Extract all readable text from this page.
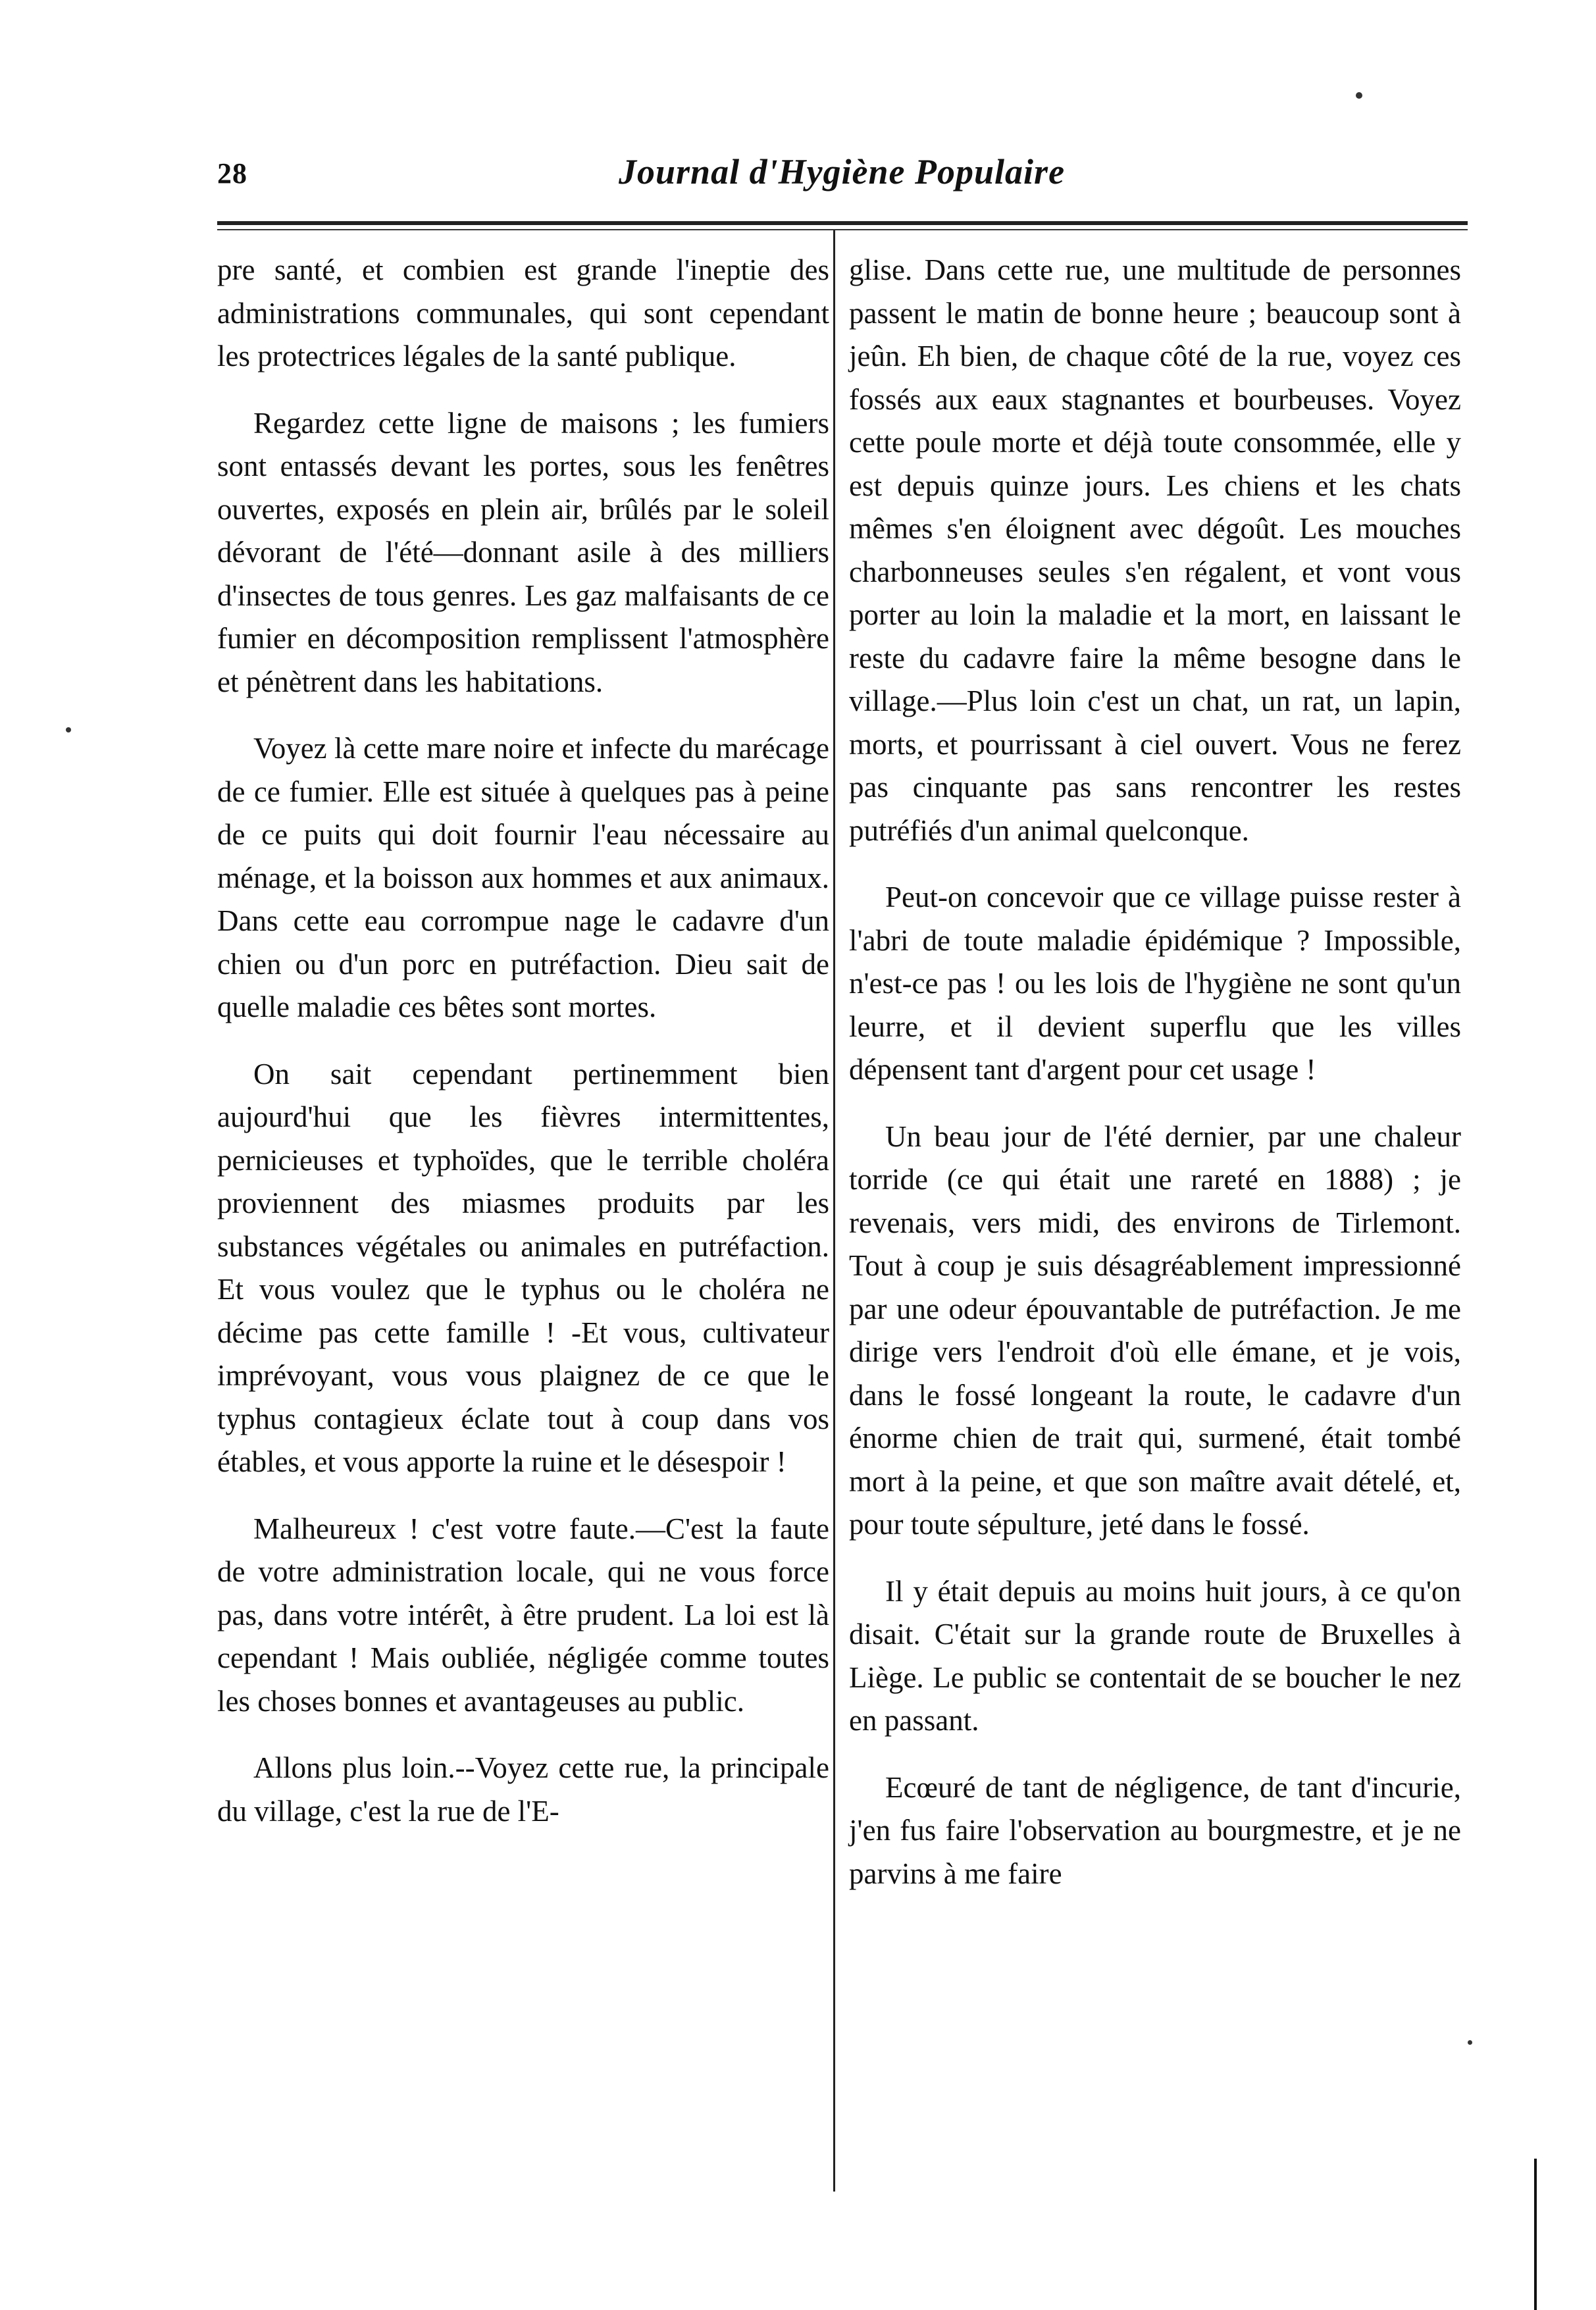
28	Journal d'Hygiène Populaire

pre santé, et combien est grande l'ineptie des administrations communales, qui sont cependant les protectrices légales de la santé publique.

Regardez cette ligne de maisons ; les fumiers sont entassés devant les portes, sous les fenêtres ouvertes, exposés en plein air, brûlés par le soleil dévorant de l'été—donnant asile à des milliers d'insectes de tous genres. Les gaz malfaisants de ce fumier en décomposition remplissent l'atmosphère et pénètrent dans les habitations.

Voyez là cette mare noire et infecte du marécage de ce fumier. Elle est située à quelques pas à peine de ce puits qui doit fournir l'eau nécessaire au ménage, et la boisson aux hommes et aux animaux. Dans cette eau corrompue nage le cadavre d'un chien ou d'un porc en putréfaction. Dieu sait de quelle maladie ces bêtes sont mortes.

On sait cependant pertinemment bien aujourd'hui que les fièvres intermittentes, pernicieuses et typhoïdes, que le terrible choléra proviennent des miasmes produits par les substances végétales ou animales en putréfaction. Et vous voulez que le typhus ou le choléra ne décime pas cette famille ! -Et vous, cultivateur imprévoyant, vous vous plaignez de ce que le typhus contagieux éclate tout à coup dans vos étables, et vous apporte la ruine et le désespoir !

Malheureux ! c'est votre faute.—C'est la faute de votre administration locale, qui ne vous force pas, dans votre intérêt, à être prudent. La loi est là cependant ! Mais oubliée, négligée comme toutes les choses bonnes et avantageuses au public.

Allons plus loin.--Voyez cette rue, la principale du village, c'est la rue de l'E-

glise. Dans cette rue, une multitude de personnes passent le matin de bonne heure ; beaucoup sont à jeûn. Eh bien, de chaque côté de la rue, voyez ces fossés aux eaux stagnantes et bourbeuses. Voyez cette poule morte et déjà toute consommée, elle y est depuis quinze jours. Les chiens et les chats mêmes s'en éloignent avec dégoût. Les mouches charbonneuses seules s'en régalent, et vont vous porter au loin la maladie et la mort, en laissant le reste du cadavre faire la même besogne dans le village.—Plus loin c'est un chat, un rat, un lapin, morts, et pourrissant à ciel ouvert. Vous ne ferez pas cinquante pas sans rencontrer les restes putréfiés d'un animal quelconque.

Peut-on concevoir que ce village puisse rester à l'abri de toute maladie épidémique ? Impossible, n'est-ce pas ! ou les lois de l'hygiène ne sont qu'un leurre, et il devient superflu que les villes dépensent tant d'argent pour cet usage !

Un beau jour de l'été dernier, par une chaleur torride (ce qui était une rareté en 1888) ; je revenais, vers midi, des environs de Tirlemont. Tout à coup je suis désagréablement impressionné par une odeur épouvantable de putréfaction. Je me dirige vers l'endroit d'où elle émane, et je vois, dans le fossé longeant la route, le cadavre d'un énorme chien de trait qui, surmené, était tombé mort à la peine, et que son maître avait dételé, et, pour toute sépulture, jeté dans le fossé.

Il y était depuis au moins huit jours, à ce qu'on disait. C'était sur la grande route de Bruxelles à Liège. Le public se contentait de se boucher le nez en passant.

Ecœuré de tant de négligence, de tant d'incurie, j'en fus faire l'observation au bourgmestre, et je ne parvins à me faire
